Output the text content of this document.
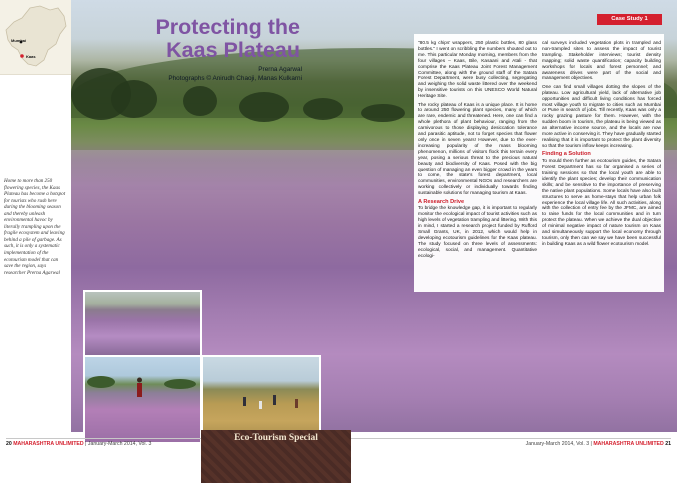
Mumbai
Kaas
Home to more than 250 flowering species, the Kaas Plateau has become a hotspot for tourists who rush here during the blooming season and thereby unleash environmental havoc by literally trampling upon the fragile ecosystem and leaving behind a pile of garbage. As such, it is only a systematic implementation of the ecotourism model that can save the region, says researcher Prerna Agarwal
Protecting the
Kaas Plateau
Prerna Agarwal
Photographs © Anirudh Chaoji, Manas Kulkarni
Case Study 1

"80.5 kg chips' wrappers, 250 plastic bottles, 80 glass bottles." I went on scribbling the numbers shouted out to me. This particular Monday morning, members from the four villages – Kaas, Bile, Kasaani and Atali - that comprise the Kaas Plateau Joint Forest Management Committee, along with the ground staff of the Satara Forest Department, were busy collecting, segregating and weighing the solid waste littered over the weekend by insensitive tourists on this UNESCO World Natural Heritage Site.

The rocky plateau of Kaas is a unique place. It is home to around 250 flowering plant species, many of which are rare, endemic and threatened. Here, one can find a whole plethora of plant behaviour, ranging from the carnivorous to those displaying desiccation tolerance and parasitic aptitude, not to forget species that flower only once in seven years! However, due to the ever-increasing popularity of the mass blooming phenomenon, millions of visitors flock this terrain every year, posing a serious threat to the precious natural beauty and biodiversity of Kaas. Posed with the big question of managing an even bigger crowd in the years to come, the state's forest department, local communities, environmental NGOs and researchers are working collectively or individually towards finding sustainable solutions for managing tourism at Kaas.

A Research Drive

To bridge the knowledge gap, it is important to regularly monitor the ecological impact of tourist activities such as high levels of vegetation trampling and littering. With this in mind, I started a research project funded by Rufford Small Grants, UK, in 2012, which would help in developing ecotourism guidelines for the Kaas plateau. The study focused on three levels of assessments: ecological, social, and management. Quantitative ecologi-

cal surveys included vegetation plots in trampled and non-trampled sites to assess the impact of tourist trampling. Stakeholder interviews; tourist density mapping; solid waste quantification; capacity building workshops for locals and forest personnel; and awareness drives were part of the social and management objectives.

One can find small villages dotting the slopes of the plateau. Low agricultural yield, lack of alternative job opportunities and difficult living conditions has forced most village youth to migrate to cities such as Mumbai or Pune in search of jobs. Till recently, Kaas was only a rocky grazing pasture for them. However, with the sudden boom in tourism, the plateau is being viewed as an alternative income source, and the locals are now more active in conserving it. They have gradually started realising that it is important to protect the plant diversity so that the tourism inflow keeps increasing.

Finding a Solution

To mould them further as ecotourism guides, the Satara Forest Department has so far organised a series of training sessions so that the local youth are able to identify the plant species; develop their communication skills; and be sensitive to the importance of preserving the native plant populations. Some locals have also built structures to serve as home-stays that help urban folk experience the local village life. All such activities, along with the collection of entry fee by the JFMC, are aimed to raise funds for the local communities and in turn protect the plateau. When we achieve the dual objective of minimal negative impact of nature tourism on Kaas and simultaneously support the local economy through tourism, only then can we say we have been successful in building Kaas as a wild flower ecotourism model.

20 MAHARASHTRA UNLIMITED | January-March 2014, Vol. 3	January-March 2014, Vol. 3 | MAHARASHTRA UNLIMITED 21
Eco-Tourism Special
